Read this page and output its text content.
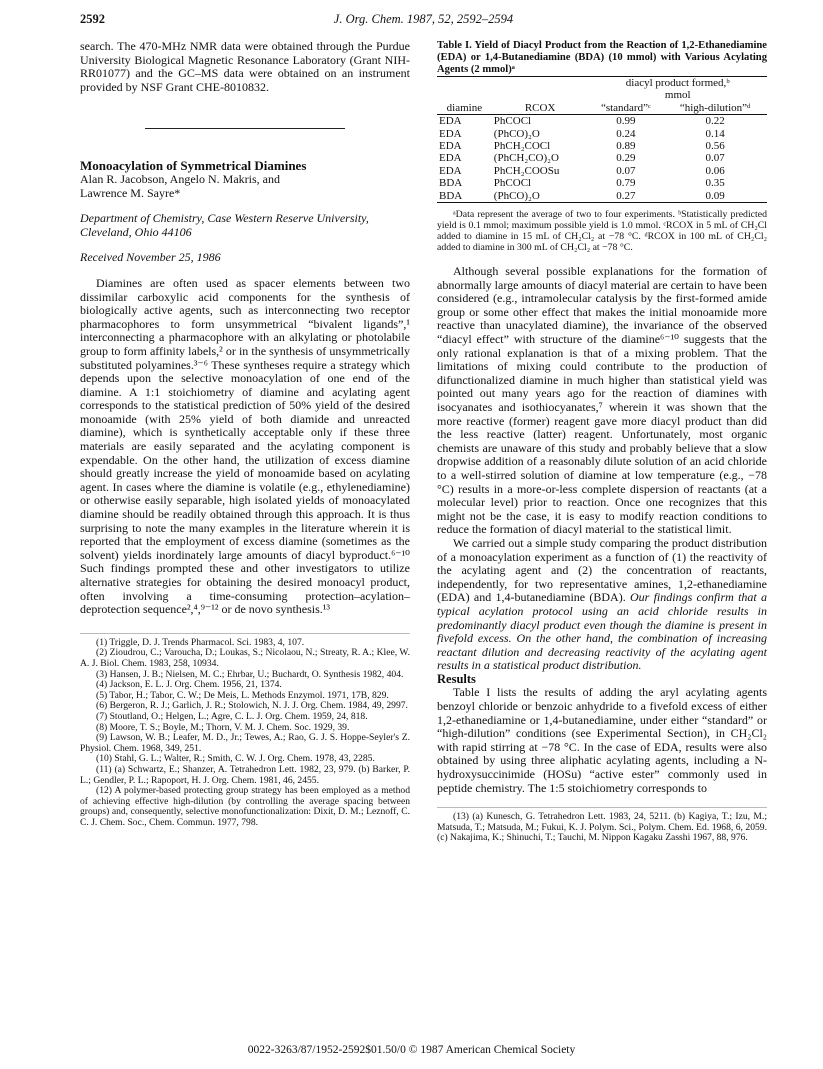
2592	J. Org. Chem. 1987, 52, 2592–2594

search. The 470-MHz NMR data were obtained through the Purdue University Biological Magnetic Resonance Laboratory (Grant NIH-RR01077) and the GC–MS data were obtained on an instrument provided by NSF Grant CHE-8010832.

Monoacylation of Symmetrical Diamines

Alan R. Jacobson, Angelo N. Makris, and

Lawrence M. Sayre*

Department of Chemistry, Case Western Reserve University,

Cleveland, Ohio 44106

Received November 25, 1986

Diamines are often used as spacer elements between two dissimilar carboxylic acid components for the synthesis of biologically active agents, such as interconnecting two receptor pharmacophores to form unsymmetrical “bivalent ligands”,¹ interconnecting a pharmacophore with an alkylating or photolabile group to form affinity labels,² or in the synthesis of unsymmetrically substituted polyamines.³⁻⁶ These syntheses require a strategy which depends upon the selective monoacylation of one end of the diamine. A 1:1 stoichiometry of diamine and acylating agent corresponds to the statistical prediction of 50% yield of the desired monoamide (with 25% yield of both diamide and unreacted diamine), which is synthetically acceptable only if these three materials are easily separated and the acylating component is expendable. On the other hand, the utilization of excess diamine should greatly increase the yield of monoamide based on acylating agent. In cases where the diamine is volatile (e.g., ethylenediamine) or otherwise easily separable, high isolated yields of monoacylated diamine should be readily obtained through this approach. It is thus surprising to note the many examples in the literature wherein it is reported that the employment of excess diamine (sometimes as the solvent) yields inordinately large amounts of diacyl byproduct.⁶⁻¹⁰ Such findings prompted these and other investigators to utilize alternative strategies for obtaining the desired monoacyl product, often involving a time-consuming protection–acylation–deprotection sequence²,⁴,⁹⁻¹² or de novo synthesis.¹³

(1) Triggle, D. J. Trends Pharmacol. Sci. 1983, 4, 107.

(2) Zioudrou, C.; Varoucha, D.; Loukas, S.; Nicolaou, N.; Streaty, R. A.; Klee, W. A. J. Biol. Chem. 1983, 258, 10934.

(3) Hansen, J. B.; Nielsen, M. C.; Ehrbar, U.; Buchardt, O. Synthesis 1982, 404.

(4) Jackson, E. L. J. Org. Chem. 1956, 21, 1374.

(5) Tabor, H.; Tabor, C. W.; De Meis, L. Methods Enzymol. 1971, 17B, 829.

(6) Bergeron, R. J.; Garlich, J. R.; Stolowich, N. J. J. Org. Chem. 1984, 49, 2997.

(7) Stoutland, O.; Helgen, L.; Agre, C. L. J. Org. Chem. 1959, 24, 818.

(8) Moore, T. S.; Boyle, M.; Thorn, V. M. J. Chem. Soc. 1929, 39.

(9) Lawson, W. B.; Leafer, M. D., Jr.; Tewes, A.; Rao, G. J. S. Hoppe-Seyler's Z. Physiol. Chem. 1968, 349, 251.

(10) Stahl, G. L.; Walter, R.; Smith, C. W. J. Org. Chem. 1978, 43, 2285.

(11) (a) Schwartz, E.; Shanzer, A. Tetrahedron Lett. 1982, 23, 979. (b) Barker, P. L.; Gendler, P. L.; Rapoport, H. J. Org. Chem. 1981, 46, 2455.

(12) A polymer-based protecting group strategy has been employed as a method of achieving effective high-dilution (by controlling the average spacing between groups) and, consequently, selective monofunctionalization: Dixit, D. M.; Leznoff, C. C. J. Chem. Soc., Chem. Commun. 1977, 798.

Table I. Yield of Diacyl Product from the Reaction of 1,2-Ethanediamine (EDA) or 1,4-Butanediamine (BDA) (10 mmol) with Various Acylating Agents (2 mmol)ᵃ

		diacyl product formed,ᵇ
mmol	
diamine	RCOX	“standard”ᶜ	“high-dilution”ᵈ
EDA	PhCOCl	0.99	0.22
EDA	(PhCO)₂O	0.24	0.14
EDA	PhCH₂COCl	0.89	0.56
EDA	(PhCH₂CO)₂O	0.29	0.07
EDA	PhCH₂COOSu	0.07	0.06
BDA	PhCOCl	0.79	0.35
BDA	(PhCO)₂O	0.27	0.09

ᵃData represent the average of two to four experiments. ᵇStatistically predicted yield is 0.1 mmol; maximum possible yield is 1.0 mmol. ᶜRCOX in 5 mL of CH₂Cl added to diamine in 15 mL of CH₂Cl₂ at −78 °C. ᵈRCOX in 100 mL of CH₂Cl₂ added to diamine in 300 mL of CH₂Cl₂ at −78 °C.

Although several possible explanations for the formation of abnormally large amounts of diacyl material are certain to have been considered (e.g., intramolecular catalysis by the first-formed amide group or some other effect that makes the initial monoamide more reactive than unacylated diamine), the invariance of the observed “diacyl effect” with structure of the diamine⁶⁻¹⁰ suggests that the only rational explanation is that of a mixing problem. That the limitations of mixing could contribute to the production of difunctionalized diamine in much higher than statistical yield was pointed out many years ago for the reaction of diamines with isocyanates and isothiocyanates,⁷ wherein it was shown that the more reactive (former) reagent gave more diacyl product than did the less reactive (latter) reagent. Unfortunately, most organic chemists are unaware of this study and probably believe that a slow dropwise addition of a reasonably dilute solution of an acid chloride to a well-stirred solution of diamine at low temperature (e.g., −78 °C) results in a more-or-less complete dispersion of reactants (at a molecular level) prior to reaction. Once one recognizes that this might not be the case, it is easy to modify reaction conditions to reduce the formation of diacyl material to the statistical limit.

We carried out a simple study comparing the product distribution of a monoacylation experiment as a function of (1) the reactivity of the acylating agent and (2) the concentration of reactants, independently, for two representative amines, 1,2-ethanediamine (EDA) and 1,4-butanediamine (BDA). Our findings confirm that a typical acylation protocol using an acid chloride results in predominantly diacyl product even though the diamine is present in fivefold excess. On the other hand, the combination of increasing reactant dilution and decreasing reactivity of the acylating agent results in a statistical product distribution.

Results

Table I lists the results of adding the aryl acylating agents benzoyl chloride or benzoic anhydride to a fivefold excess of either 1,2-ethanediamine or 1,4-butanediamine, under either “standard” or “high-dilution” conditions (see Experimental Section), in CH₂Cl₂ with rapid stirring at −78 °C. In the case of EDA, results were also obtained by using three aliphatic acylating agents, including a N-hydroxysuccinimide (HOSu) “active ester” commonly used in peptide chemistry. The 1:5 stoichiometry corresponds to

(13) (a) Kunesch, G. Tetrahedron Lett. 1983, 24, 5211. (b) Kagiya, T.; Izu, M.; Matsuda, T.; Matsuda, M.; Fukui, K. J. Polym. Sci., Polym. Chem. Ed. 1968, 6, 2059. (c) Nakajima, K.; Shinuchi, T.; Tauchi, M. Nippon Kagaku Zasshi 1967, 88, 976.

0022-3263/87/1952-2592$01.50/0 © 1987 American Chemical Society
